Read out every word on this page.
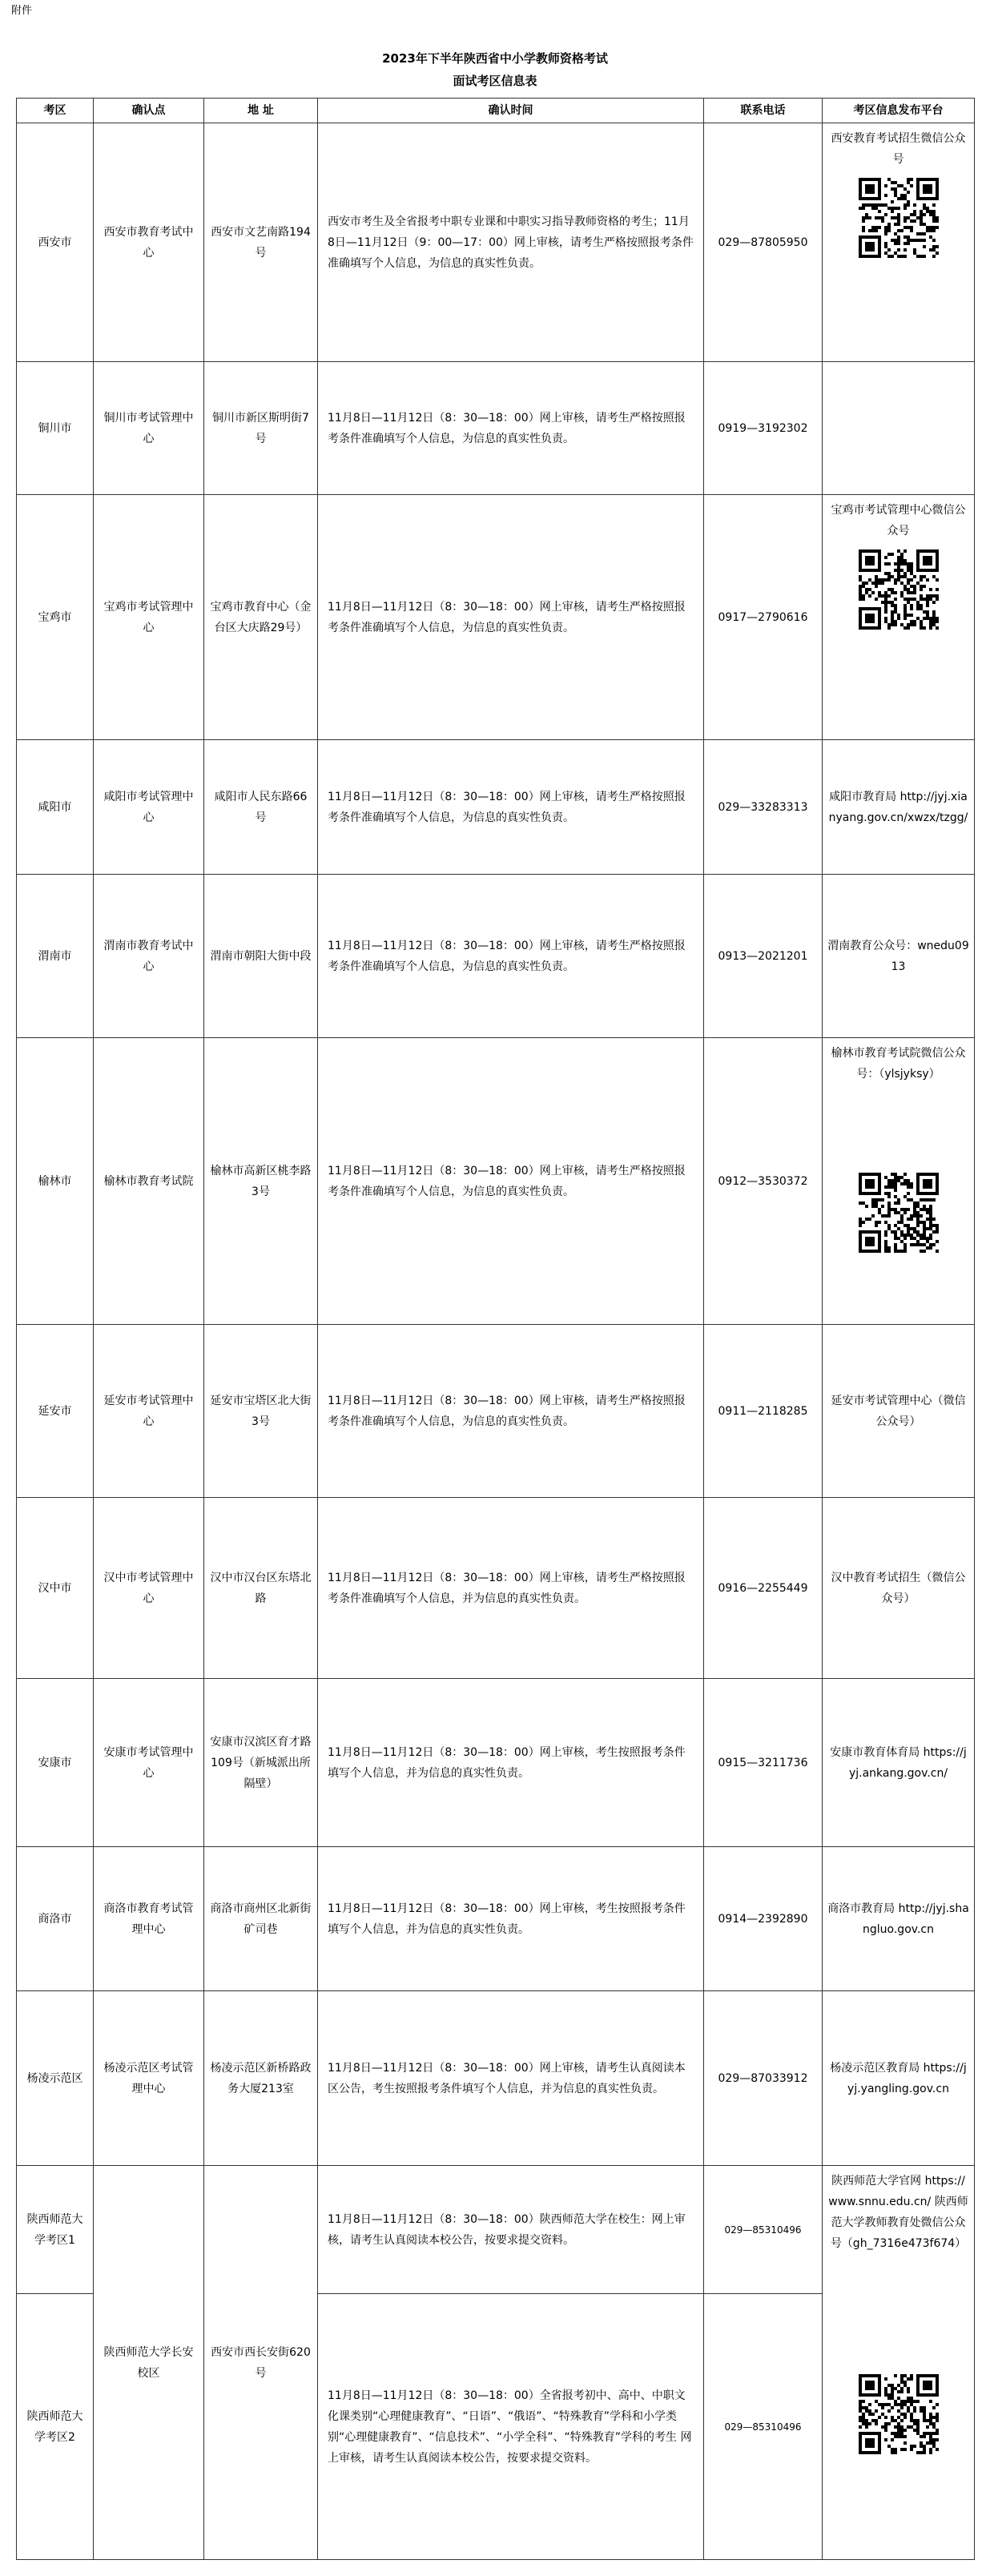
附件
2023年下半年陕西省中小学教师资格考试
面试考区信息表
考区	确认点	地 址	确认时间	联系电话	考区信息发布平台
西安市	西安市教育考试中心	西安市文艺南路194号	西安市考生及全省报考中职专业课和中职实习指导教师资格的考生；11月8日—11月12日（9：00—17：00）网上审核，请考生严格按照报考条件准确填写个人信息，为信息的真实性负责。	029—87805950	西安教育考试招生微信公众号

铜川市	铜川市考试管理中心	铜川市新区斯明街7号	11月8日—11月12日（8：30—18：00）网上审核，请考生严格按照报考条件准确填写个人信息，为信息的真实性负责。	0919—3192302	
宝鸡市	宝鸡市考试管理中心	宝鸡市教育中心（金台区大庆路29号）	11月8日—11月12日（8：30—18：00）网上审核，请考生严格按照报考条件准确填写个人信息，为信息的真实性负责。	0917—2790616	宝鸡市考试管理中心微信公众号

咸阳市	咸阳市考试管理中心	咸阳市人民东路66号	11月8日—11月12日（8：30—18：00）网上审核，请考生严格按照报考条件准确填写个人信息，为信息的真实性负责。	029—33283313	咸阳市教育局 http://jyj.xianyang.gov.cn/xwzx/tzgg/
渭南市	渭南市教育考试中心	渭南市朝阳大街中段	11月8日—11月12日（8：30—18：00）网上审核，请考生严格按照报考条件准确填写个人信息，为信息的真实性负责。	0913—2021201	渭南教育公众号：wnedu0913
榆林市	榆林市教育考试院	榆林市高新区桃李路3号	11月8日—11月12日（8：30—18：00）网上审核，请考生严格按照报考条件准确填写个人信息，为信息的真实性负责。	0912—3530372	榆林市教育考试院微信公众号：（ylsjyksy）

延安市	延安市考试管理中心	延安市宝塔区北大街3号	11月8日—11月12日（8：30—18：00）网上审核，请考生严格按照报考条件准确填写个人信息，为信息的真实性负责。	0911—2118285	延安市考试管理中心（微信公众号）
汉中市	汉中市考试管理中心	汉中市汉台区东塔北路	11月8日—11月12日（8：30—18：00）网上审核，请考生严格按照报考条件准确填写个人信息，并为信息的真实性负责。	0916—2255449	汉中教育考试招生（微信公众号）
安康市	安康市考试管理中心	安康市汉滨区育才路109号（新城派出所隔壁）	11月8日—11月12日（8：30—18：00）网上审核，考生按照报考条件填写个人信息，并为信息的真实性负责。	0915—3211736	安康市教育体育局 https://jyj.ankang.gov.cn/
商洛市	商洛市教育考试管理中心	商洛市商州区北新街矿司巷	11月8日—11月12日（8：30—18：00）网上审核，考生按照报考条件填写个人信息，并为信息的真实性负责。	0914—2392890	商洛市教育局 http://jyj.shangluo.gov.cn
杨凌示范区	杨凌示范区考试管理中心	杨凌示范区新桥路政务大厦213室	11月8日—11月12日（8：30—18：00）网上审核，请考生认真阅读本区公告，考生按照报考条件填写个人信息，并为信息的真实性负责。	029—87033912	杨凌示范区教育局 https://jyj.yangling.gov.cn
陕西师范大学考区1	陕西师范大学长安校区	西安市西长安街620号	11月8日—11月12日（8：30—18：00）陕西师范大学在校生：网上审核，请考生认真阅读本校公告，按要求提交资料。	029—85310496	陕西师范大学官网 https://www.snnu.edu.cn/ 陕西师范大学教师教育处微信公众号（gh_7316e473f674）

陕西师范大学考区2			11月8日—11月12日（8：30—18：00）全省报考初中、高中、中职文化课类别“心理健康教育”、“日语”、“俄语”、“特殊教育”学科和小学类别“心理健康教育”、“信息技术”、“小学全科”、“特殊教育”学科的考生 网上审核，请考生认真阅读本校公告，按要求提交资料。	029—85310496	
